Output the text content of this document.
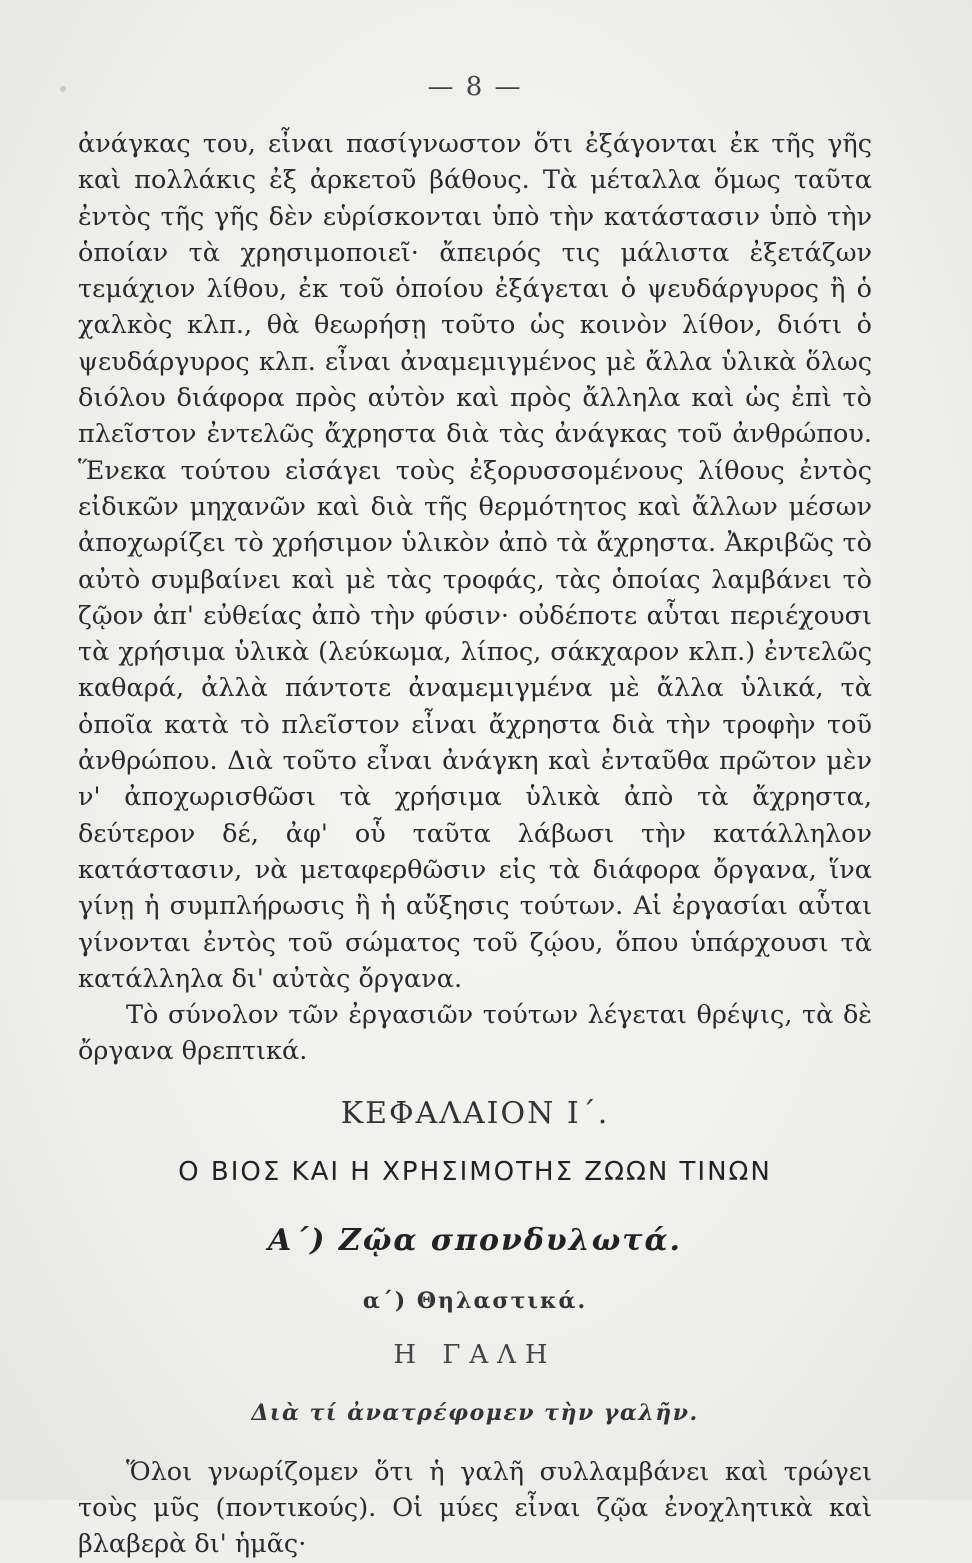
— 8 —

ἀνάγκας του, εἶναι πασίγνωστον ὅτι ἐξάγονται ἐκ τῆς γῆς καὶ πολλάκις ἐξ ἀρκετοῦ βάθους. Τὰ μέταλλα ὅμως ταῦτα ἐντὸς τῆς γῆς δὲν εὑρίσκονται ὑπὸ τὴν κατάστασιν ὑπὸ τὴν ὁποίαν τὰ χρησιμοποιεῖ· ἄπειρός τις μάλιστα ἐξετάζων τεμάχιον λίθου, ἐκ τοῦ ὁποίου ἐξάγεται ὁ ψευδάργυρος ἢ ὁ χαλκὸς κλπ., θὰ θεωρήσῃ τοῦτο ὡς κοινὸν λίθον, διότι ὁ ψευδάργυρος κλπ. εἶναι ἀναμεμιγμένος μὲ ἄλλα ὑλικὰ ὅλως διόλου διάφορα πρὸς αὐτὸν καὶ πρὸς ἄλληλα καὶ ὡς ἐπὶ τὸ πλεῖστον ἐντελῶς ἄχρηστα διὰ τὰς ἀνάγκας τοῦ ἀνθρώπου. Ἕνεκα τούτου εἰσάγει τοὺς ἐξορυσσομένους λίθους ἐντὸς εἰδικῶν μηχανῶν καὶ διὰ τῆς θερμότητος καὶ ἄλλων μέσων ἀποχωρίζει τὸ χρήσιμον ὑλικὸν ἀπὸ τὰ ἄχρηστα. Ἀκριβῶς τὸ αὐτὸ συμβαίνει καὶ μὲ τὰς τροφάς, τὰς ὁποίας λαμβάνει τὸ ζῷον ἀπ' εὐθείας ἀπὸ τὴν φύσιν· οὐδέποτε αὗται περιέχουσι τὰ χρήσιμα ὑλικὰ (λεύκωμα, λίπος, σάκχαρον κλπ.) ἐντελῶς καθαρά, ἀλλὰ πάντοτε ἀναμεμιγμένα μὲ ἄλλα ὑλικά, τὰ ὁποῖα κατὰ τὸ πλεῖστον εἶναι ἄχρηστα διὰ τὴν τροφὴν τοῦ ἀνθρώπου. Διὰ τοῦτο εἶναι ἀνάγκη καὶ ἐνταῦθα πρῶτον μὲν ν' ἀποχωρισθῶσι τὰ χρήσιμα ὑλικὰ ἀπὸ τὰ ἄχρηστα, δεύτερον δέ, ἀφ' οὗ ταῦτα λάβωσι τὴν κατάλληλον κατάστασιν, νὰ μεταφερθῶσιν εἰς τὰ διάφορα ὄργανα, ἵνα γίνῃ ἡ συμπλήρωσις ἢ ἡ αὔξησις τούτων. Αἱ ἐργασίαι αὗται γίνονται ἐντὸς τοῦ σώματος τοῦ ζῴου, ὅπου ὑπάρχουσι τὰ κατάλληλα δι' αὐτὰς ὄργανα.

Τὸ σύνολον τῶν ἐργασιῶν τούτων λέγεται θρέψις, τὰ δὲ ὄργανα θρεπτικά.

ΚΕΦΑΛΑΙΟΝ Ι΄.
Ο ΒΙΟΣ ΚΑΙ Η ΧΡΗΣΙΜΟΤΗΣ ΖΩΩΝ ΤΙΝΩΝ
Α΄) Ζῷα σπονδυλωτά.
α΄) Θηλαστικά.
Η ΓΑΛΗ
Διὰ τί ἀνατρέφομεν τὴν γαλῆν.

Ὅλοι γνωρίζομεν ὅτι ἡ γαλῆ συλλαμβάνει καὶ τρώγει τοὺς μῦς (ποντικούς). Οἱ μύες εἶναι ζῷα ἐνοχλητικὰ καὶ βλαβερὰ δι' ἡμᾶς·
